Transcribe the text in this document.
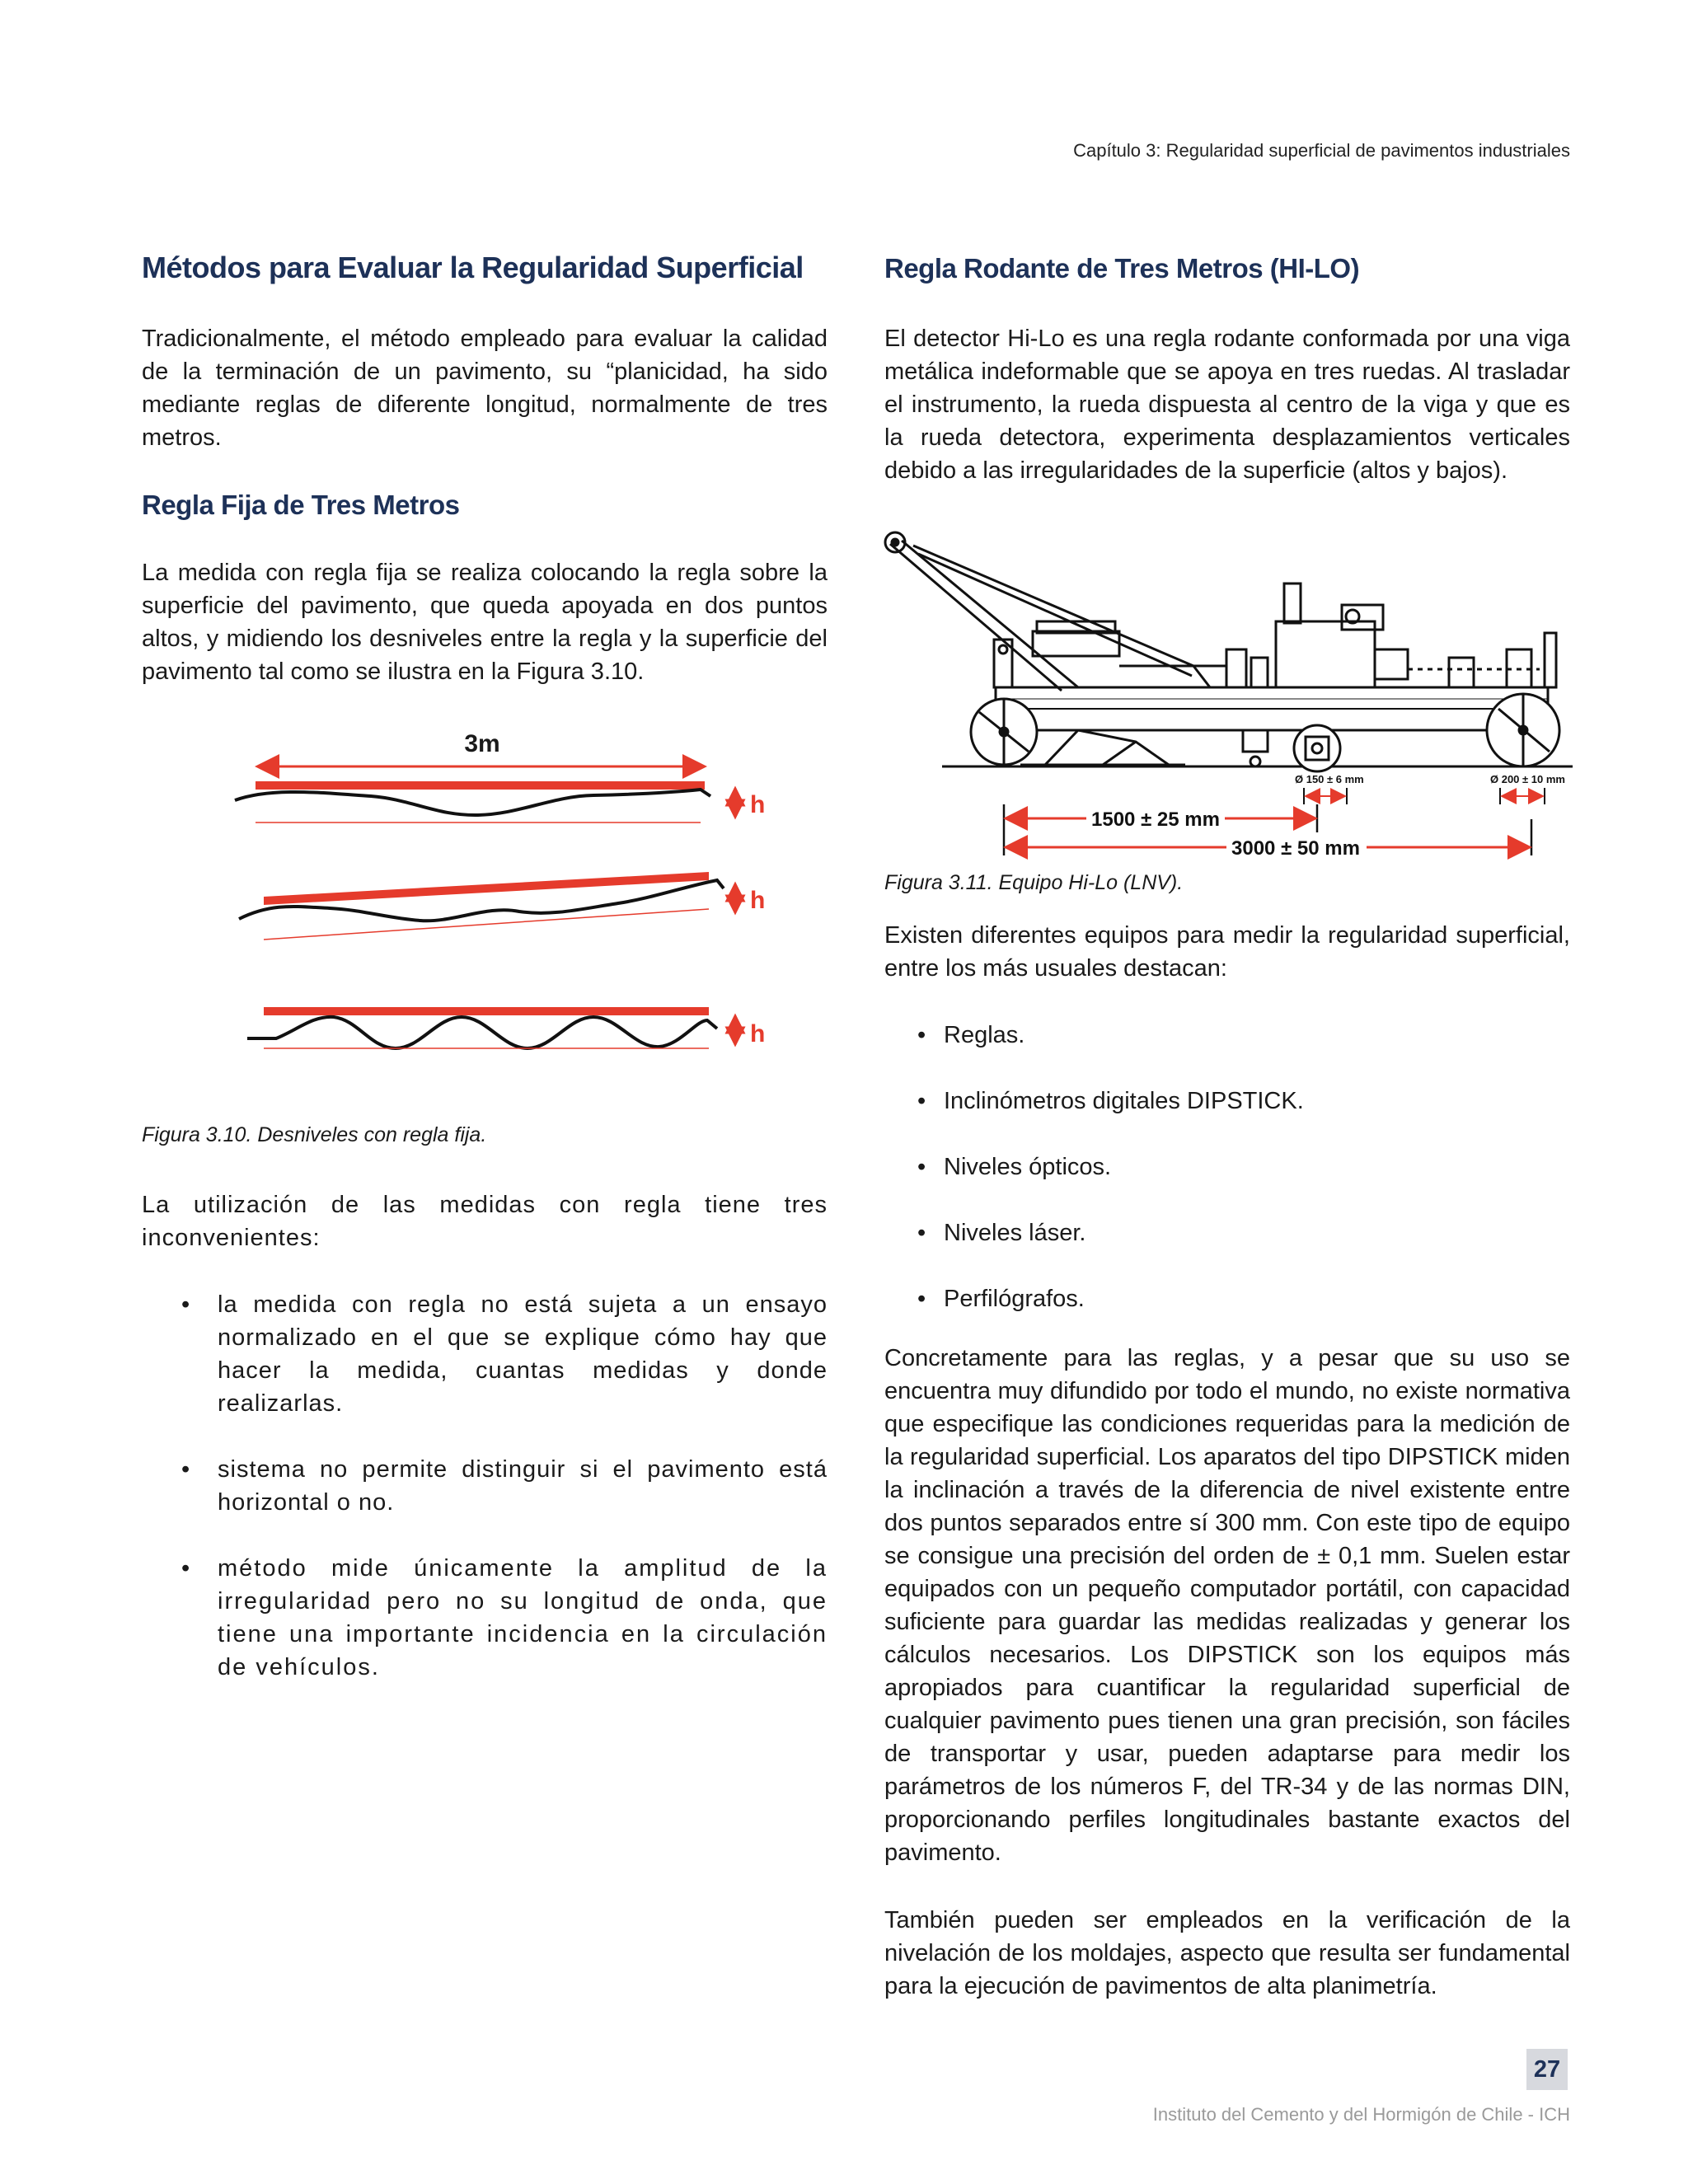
Capítulo 3: Regularidad superficial de pavimentos industriales
Métodos para Evaluar la Regularidad Superficial

Tradicionalmente, el método empleado para evaluar la calidad de la terminación de un pavimento, su “planicidad, ha sido mediante reglas de diferente longitud, normalmente de tres metros.

Regla Fija de Tres Metros

La medida con regla fija se realiza colocando la regla sobre la superficie del pavimento, que queda apoyada en dos puntos altos, y midiendo los desniveles entre la regla y la superficie del pavimento tal como se ilustra en la Figura 3.10.

3m
h
h
h

Figura 3.10. Desniveles con regla fija.

La utilización de las medidas con regla tiene tres inconvenientes:

• la medida con regla no está sujeta a un ensayo normalizado en el que se explique cómo hay que hacer la medida, cuantas medidas y donde realizarlas.
• sistema no permite distinguir si el pavimento está horizontal o no.
• método mide únicamente la amplitud de la irregularidad pero no su longitud de onda, que tiene una importante incidencia en la circulación de vehículos.
Regla Rodante de Tres Metros (HI-LO)

El detector Hi-Lo es una regla rodante conformada por una viga metálica indeformable que se apoya en tres ruedas. Al trasladar el instrumento, la rueda dispuesta al centro de la viga y que es la rueda detectora, experimenta desplazamientos verticales debido a las irregularidades de la superficie (altos y bajos).

Ø 150 ± 6 mm	Ø 200 ± 10 mm
1500 ± 25 mm
3000 ± 50 mm

Figura 3.11. Equipo Hi-Lo (LNV).

Existen diferentes equipos para medir la regularidad superficial, entre los más usuales destacan:

• Reglas.
• Inclinómetros digitales DIPSTICK.
• Niveles ópticos.
• Niveles láser.
• Perfilógrafos.

Concretamente para las reglas, y a pesar que su uso se encuentra muy difundido por todo el mundo, no existe normativa que especifique las condiciones requeridas para la medición de la regularidad superficial. Los aparatos del tipo DIPSTICK miden la inclinación a través de la diferencia de nivel existente entre dos puntos separados entre sí 300 mm. Con este tipo de equipo se consigue una precisión del orden de ± 0,1 mm. Suelen estar equipados con un pequeño computador portátil, con capacidad suficiente para guardar las medidas realizadas y generar los cálculos necesarios. Los DIPSTICK son los equipos más apropiados para cuantificar la regularidad superficial de cualquier pavimento pues tienen una gran precisión, son fáciles de transportar y usar, pueden adaptarse para medir los parámetros de los números F, del TR-34 y de las normas DIN, proporcionando perfiles longitudinales bastante exactos del pavimento.

También pueden ser empleados en la verificación de la nivelación de los moldajes, aspecto que resulta ser fundamental para la ejecución de pavimentos de alta planimetría.

27
Instituto del Cemento y del Hormigón de Chile - ICH
